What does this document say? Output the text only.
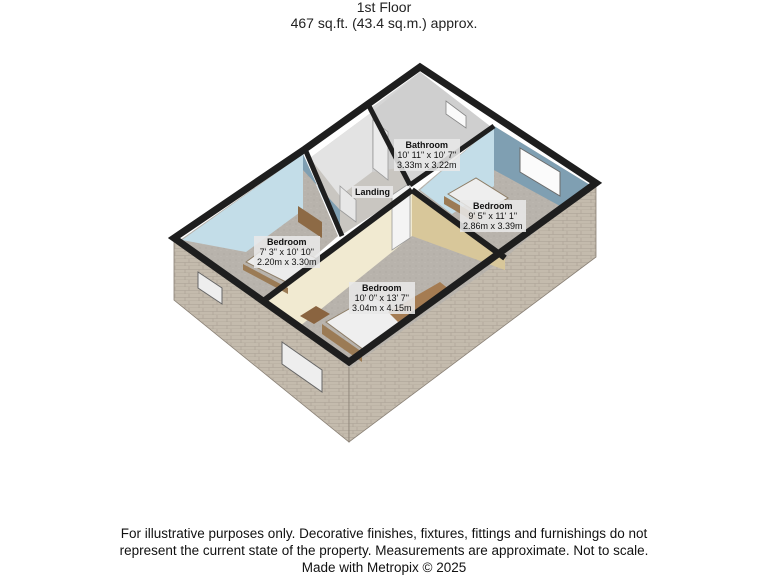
1st Floor
467 sq.ft. (43.4 sq.m.) approx.
Bathroom
10' 11" x 10' 7"
3.33m x 3.22m
Landing
Bedroom
9' 5" x 11' 1"
2.86m x 3.39m
Bedroom
7' 3" x 10' 10"
2.20m x 3.30m
Bedroom
10' 0" x 13' 7"
3.04m x 4.15m
For illustrative purposes only. Decorative finishes, fixtures, fittings and furnishings do not
represent the current state of the property. Measurements are approximate. Not to scale.
Made with Metropix © 2025
